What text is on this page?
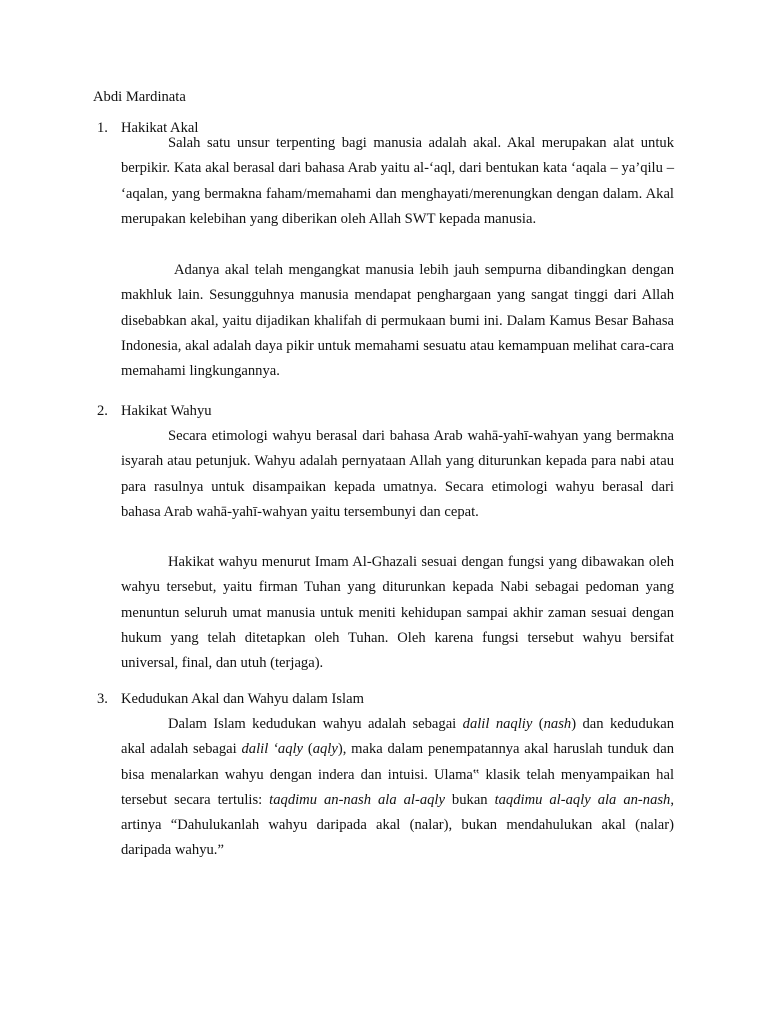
Abdi Mardinata
1. Hakikat Akal

Salah satu unsur terpenting bagi manusia adalah akal. Akal merupakan alat untuk berpikir. Kata akal berasal dari bahasa Arab yaitu al-‘aql, dari bentukan kata ‘aqala – ya’qilu – ‘aqalan, yang bermakna faham/memahami dan menghayati/merenungkan dengan dalam. Akal merupakan kelebihan yang diberikan oleh Allah SWT kepada manusia.

Adanya akal telah mengangkat manusia lebih jauh sempurna dibandingkan dengan makhluk lain. Sesungguhnya manusia mendapat penghargaan yang sangat tinggi dari Allah disebabkan akal, yaitu dijadikan khalifah di permukaan bumi ini. Dalam Kamus Besar Bahasa Indonesia, akal adalah daya pikir untuk memahami sesuatu atau kemampuan melihat cara-cara memahami lingkungannya.

2. Hakikat Wahyu

Secara etimologi wahyu berasal dari bahasa Arab wahā-yahī-wahyan yang bermakna isyarah atau petunjuk. Wahyu adalah pernyataan Allah yang diturunkan kepada para nabi atau para rasulnya untuk disampaikan kepada umatnya. Secara etimologi wahyu berasal dari bahasa Arab wahā-yahī-wahyan yaitu tersembunyi dan cepat.

Hakikat wahyu menurut Imam Al-Ghazali sesuai dengan fungsi yang dibawakan oleh wahyu tersebut, yaitu firman Tuhan yang diturunkan kepada Nabi sebagai pedoman yang menuntun seluruh umat manusia untuk meniti kehidupan sampai akhir zaman sesuai dengan hukum yang telah ditetapkan oleh Tuhan. Oleh karena fungsi tersebut wahyu bersifat universal, final, dan utuh (terjaga).

3. Kedudukan Akal dan Wahyu dalam Islam

Dalam Islam kedudukan wahyu adalah sebagai dalil naqliy (nash) dan kedudukan akal adalah sebagai dalil ‘aqly (aqly), maka dalam penempatannya akal haruslah tunduk dan bisa menalarkan wahyu dengan indera dan intuisi. Ulama‟ klasik telah menyampaikan hal tersebut secara tertulis: taqdimu an-nash ala al-aqly bukan taqdimu al-aqly ala an-nash, artinya “Dahulukanlah wahyu daripada akal (nalar), bukan mendahulukan akal (nalar) daripada wahyu.”
